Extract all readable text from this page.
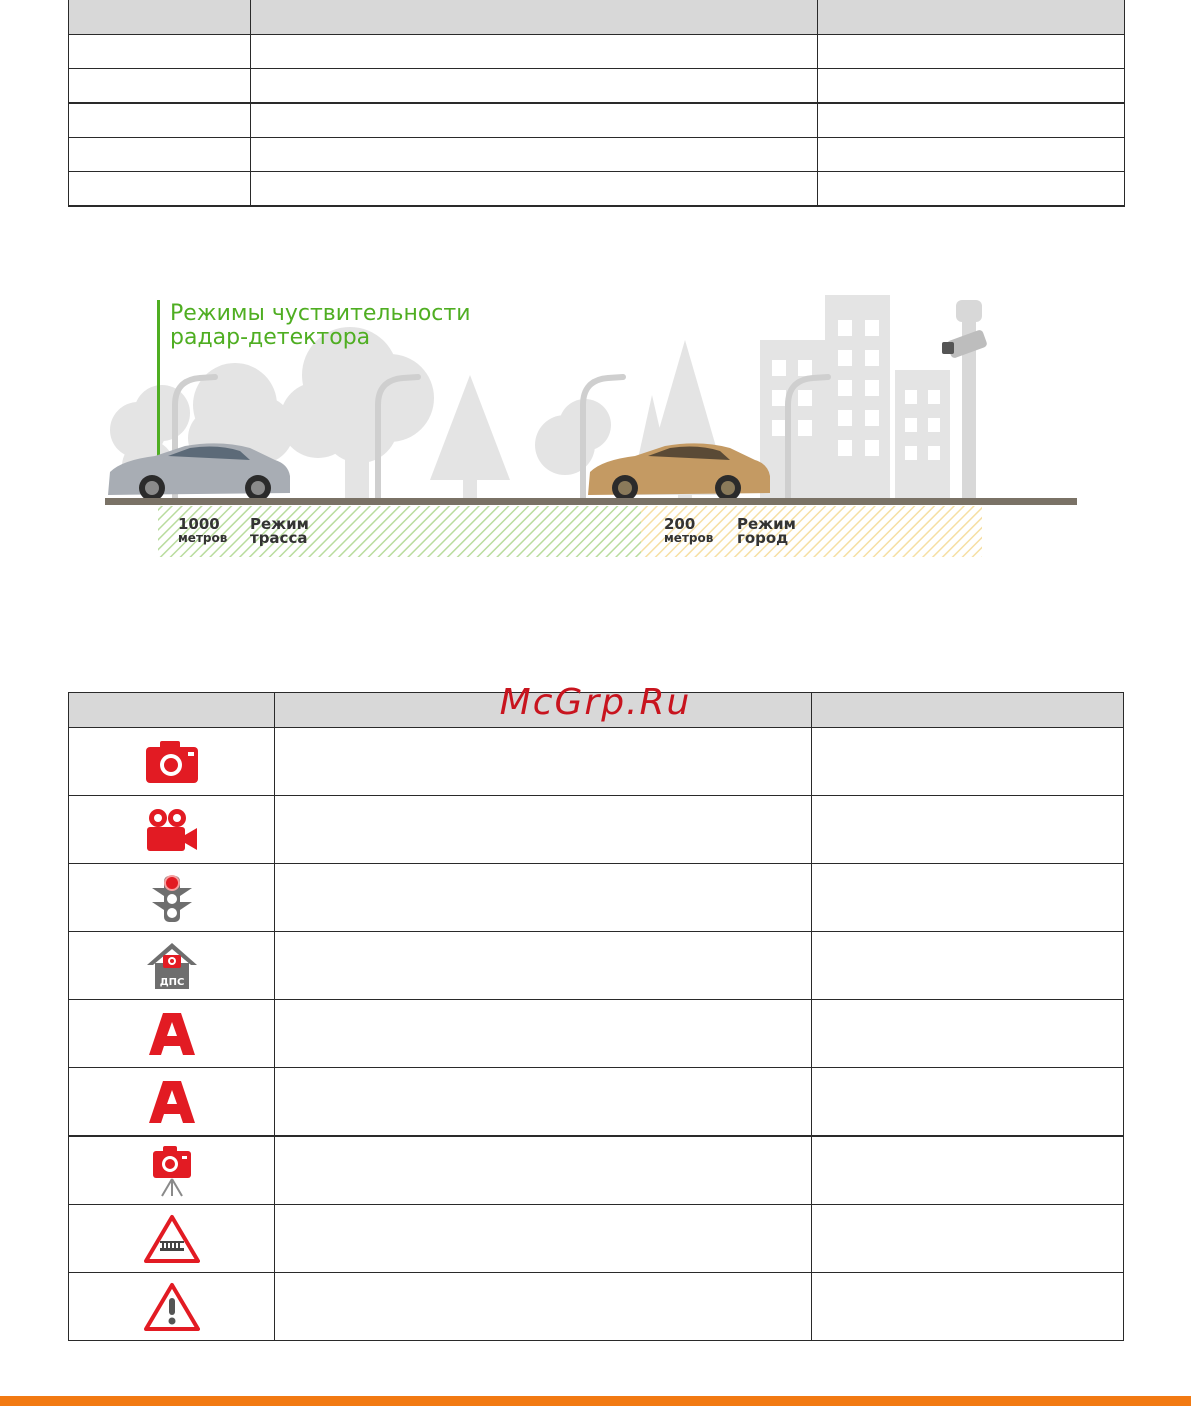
Режимы чуствительности
радар-детектора
1000
метров
Режим
трасса
200
метров
Режим
город

ДПС		

McGrp.Ru
